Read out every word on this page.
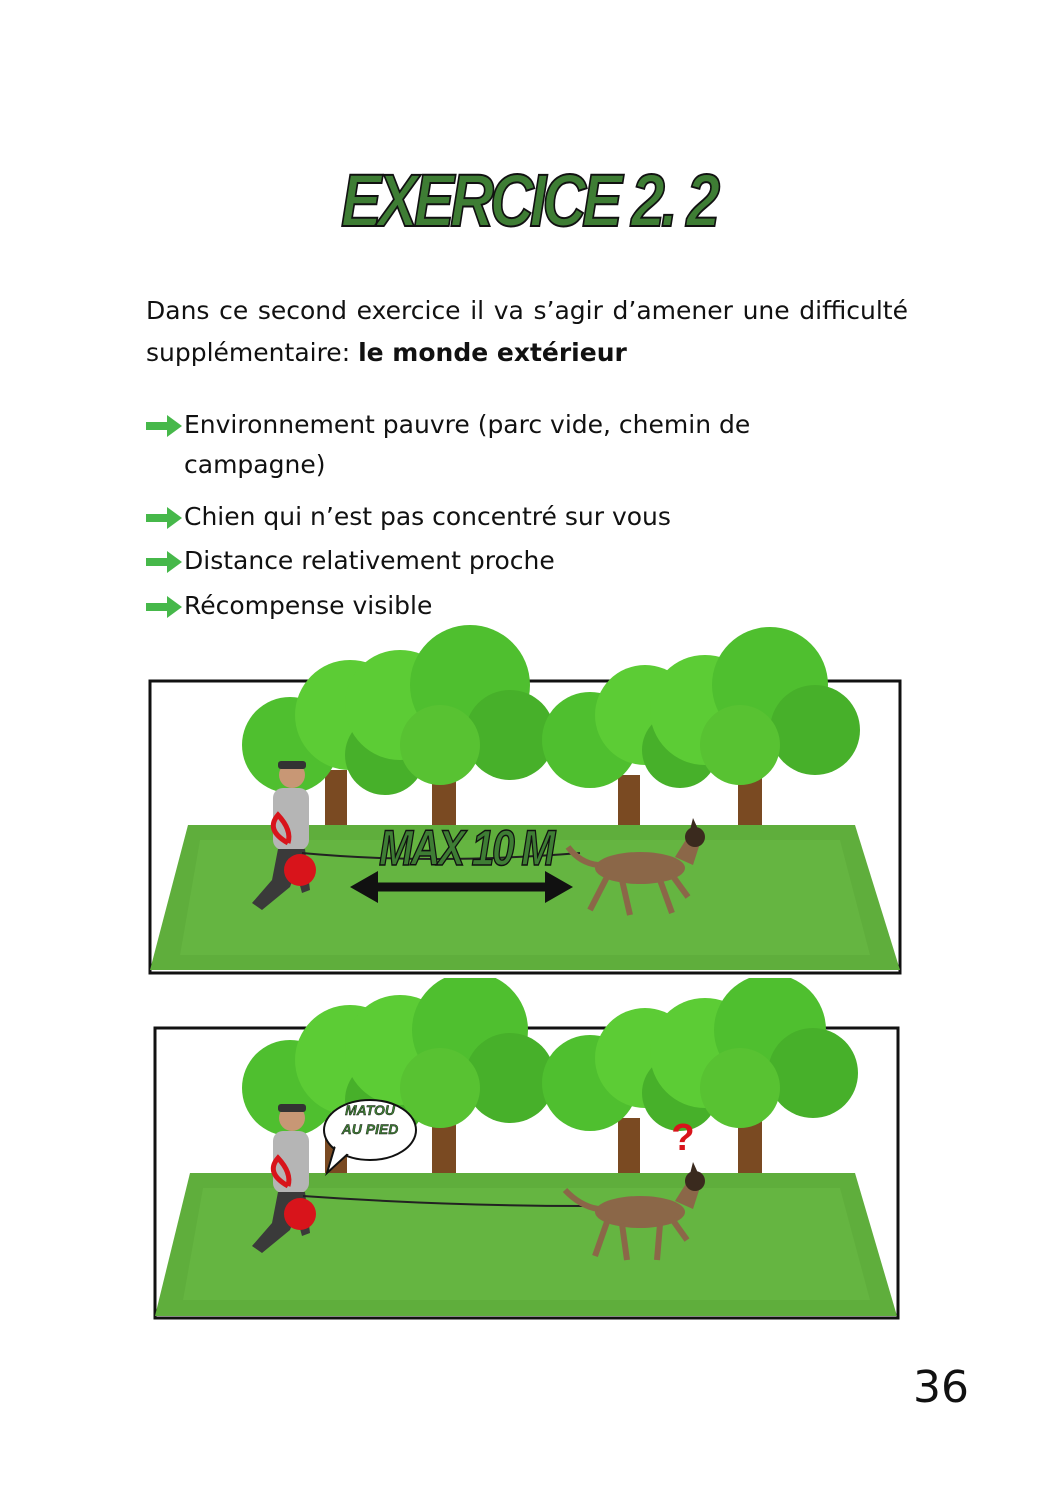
EXERCICE 2. 2
Dans ce second exercice il va s’agir d’amener une difficulté supplémentaire: le monde extérieur
Environnement pauvre (parc vide, chemin de campagne)
Chien qui n’est pas concentré sur vous
Distance relativement proche
Récompense visible
MAX 10 M
MATOU
AU PIED	?
36
